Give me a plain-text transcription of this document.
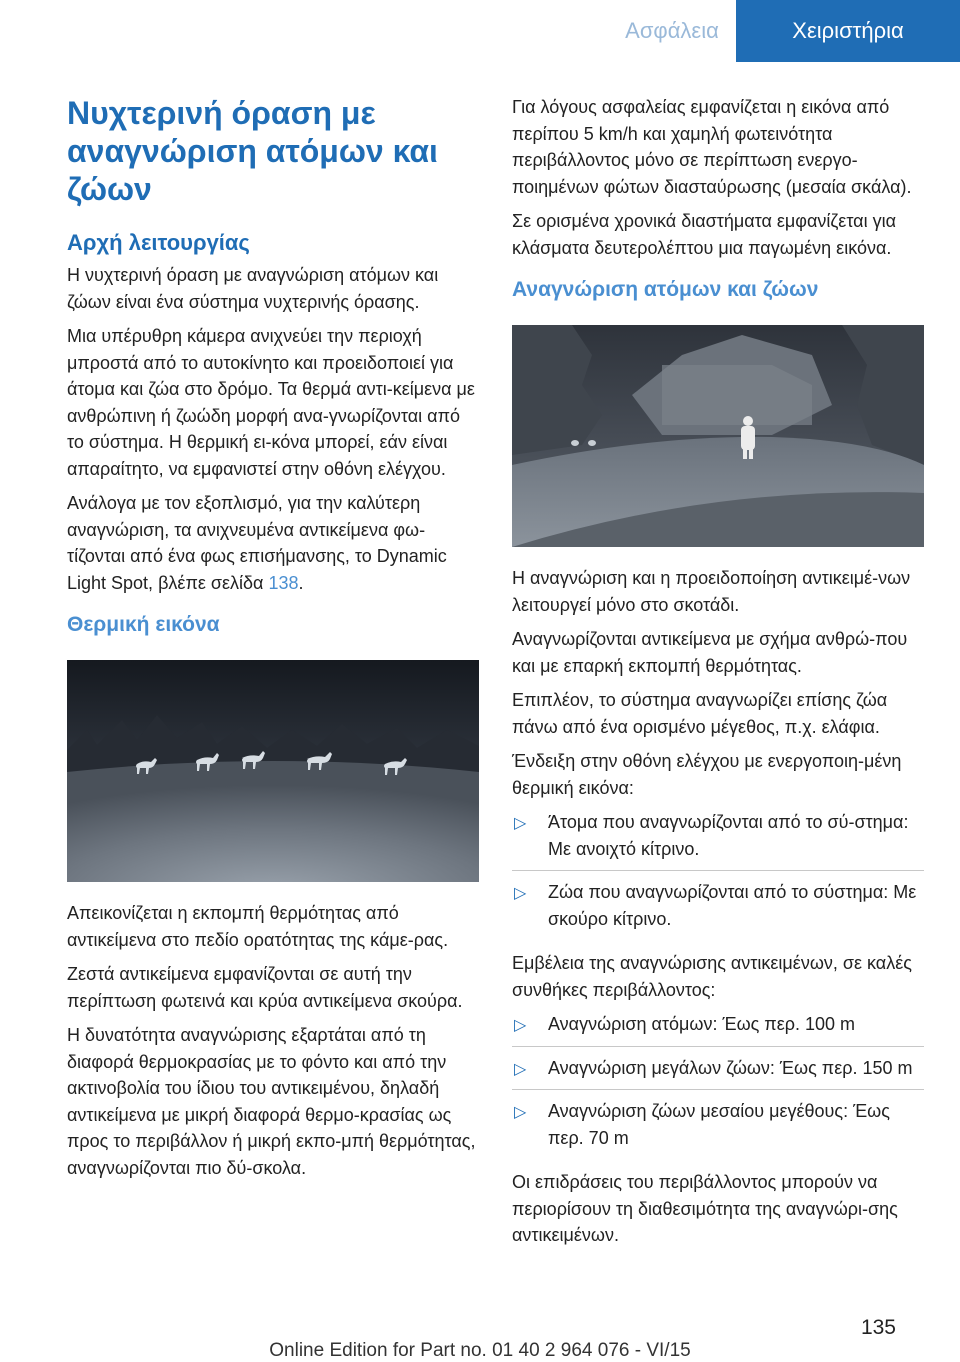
Ασφάλεια	Χειριστήρια
Νυχτερινή όραση με αναγνώριση ατόμων και ζώων
Αρχή λειτουργίας

Η νυχτερινή όραση με αναγνώριση ατόμων και ζώων είναι ένα σύστημα νυχτερινής όρασης.

Μια υπέρυθρη κάμερα ανιχνεύει την περιοχή μπροστά από το αυτοκίνητο και προειδοποιεί για άτομα και ζώα στο δρόμο. Τα θερμά αντι-κείμενα με ανθρώπινη ή ζωώδη μορφή ανα-γνωρίζονται από το σύστημα. Η θερμική ει-κόνα μπορεί, εάν είναι απαραίτητο, να εμφανιστεί στην οθόνη ελέγχου.

Ανάλογα με τον εξοπλισμό, για την καλύτερη αναγνώριση, τα ανιχνευμένα αντικείμενα φω-τίζονται από ένα φως επισήμανσης, το Dynamic Light Spot, βλέπε σελίδα 138.

Θερμική εικόνα

Απεικονίζεται η εκπομπή θερμότητας από αντικείμενα στο πεδίο ορατότητας της κάμε-ρας.

Ζεστά αντικείμενα εμφανίζονται σε αυτή την περίπτωση φωτεινά και κρύα αντικείμενα σκούρα.

Η δυνατότητα αναγνώρισης εξαρτάται από τη διαφορά θερμοκρασίας με το φόντο και από την ακτινοβολία του ίδιου του αντικειμένου, δηλαδή αντικείμενα με μικρή διαφορά θερμο-κρασίας ως προς το περιβάλλον ή μικρή εκπο-μπή θερμότητας, αναγνωρίζονται πιο δύ-σκολα.

Για λόγους ασφαλείας εμφανίζεται η εικόνα από περίπου 5 km/h και χαμηλή φωτεινότητα περιβάλλοντος μόνο σε περίπτωση ενεργο-ποιημένων φώτων διασταύρωσης (μεσαία σκάλα).

Σε ορισμένα χρονικά διαστήματα εμφανίζεται για κλάσματα δευτερολέπτου μια παγωμένη εικόνα.

Αναγνώριση ατόμων και ζώων

Η αναγνώριση και η προειδοποίηση αντικειμέ-νων λειτουργεί μόνο στο σκοτάδι.

Αναγνωρίζονται αντικείμενα με σχήμα ανθρώ-που και με επαρκή εκπομπή θερμότητας.

Επιπλέον, το σύστημα αναγνωρίζει επίσης ζώα πάνω από ένα ορισμένο μέγεθος, π.χ. ελάφια.

Ένδειξη στην οθόνη ελέγχου με ενεργοποιη-μένη θερμική εικόνα:

▷ Άτομα που αναγνωρίζονται από το σύ-στημα: Με ανοιχτό κίτρινο.
▷ Ζώα που αναγνωρίζονται από το σύστημα: Με σκούρο κίτρινο.

Εμβέλεια της αναγνώρισης αντικειμένων, σε καλές συνθήκες περιβάλλοντος:

▷ Αναγνώριση ατόμων: Έως περ. 100 m
▷ Αναγνώριση μεγάλων ζώων: Έως περ. 150 m
▷ Αναγνώριση ζώων μεσαίου μεγέθους: Έως περ. 70 m

Οι επιδράσεις του περιβάλλοντος μπορούν να περιορίσουν τη διαθεσιμότητα της αναγνώρι-σης αντικειμένων.

135
Online Edition for Part no. 01 40 2 964 076 - VI/15
